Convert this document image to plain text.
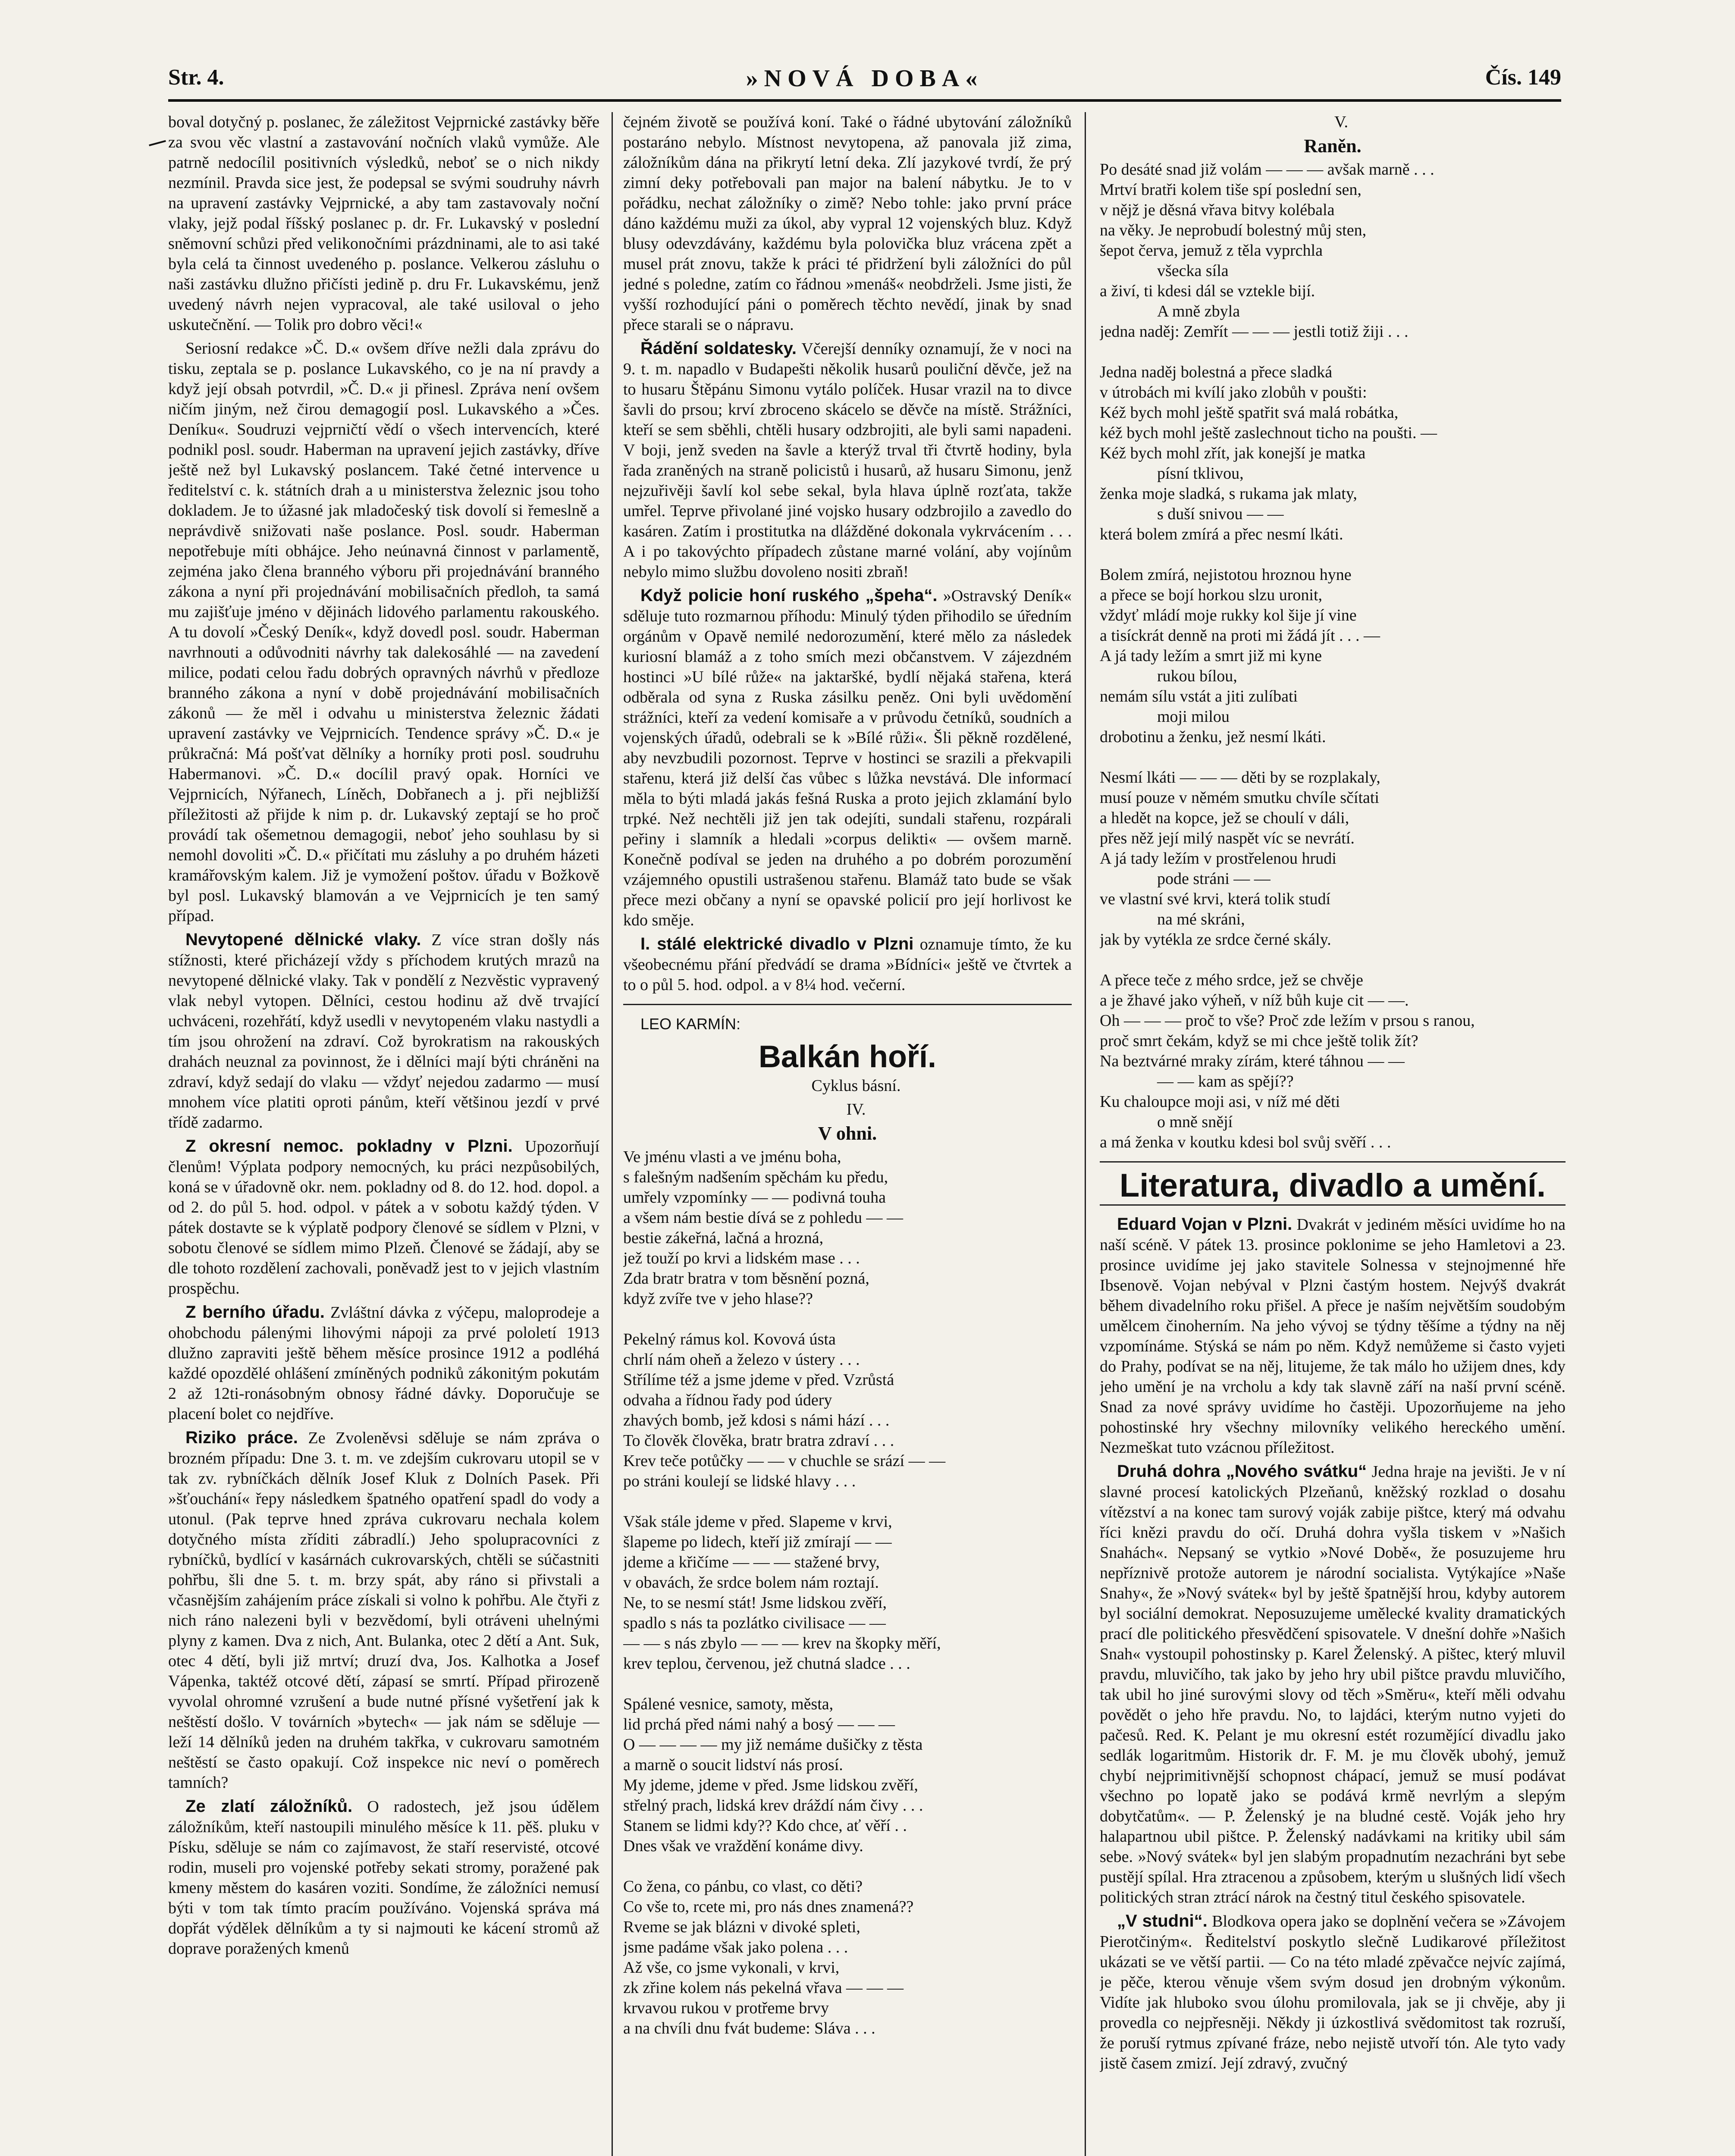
Str. 4.	»NOVÁ DOBA«	Čís. 149

boval dotyčný p. poslanec, že záležitost Vejprnické zastávky běře za svou věc vlastní a zastavování nočních vlaků vymůže. Ale patrně nedocílil positivních výsledků, neboť se o nich nikdy nezmínil. Pravda sice jest, že podepsal se svými soudruhy návrh na upravení zastávky Vejprnické, a aby tam zastavovaly noční vlaky, jejž podal říšský poslanec p. dr. Fr. Lukavský v poslední sněmovní schůzi před velikonočními prázdninami, ale to asi také byla celá ta činnost uvedeného p. poslance. Velkerou zásluhu o naši zastávku dlužno přičísti jedině p. dru Fr. Lukavskému, jenž uvedený návrh nejen vypracoval, ale také usiloval o jeho uskutečnění. — Tolik pro dobro věci!«

Seriosní redakce »Č. D.« ovšem dříve nežli dala zprávu do tisku, zeptala se p. poslance Lukavského, co je na ní pravdy a když její obsah potvrdil, »Č. D.« ji přinesl. Zpráva není ovšem ničím jiným, než čirou demagogií posl. Lukavského a »Čes. Deníku«. Soudruzi vejprničtí vědí o všech intervencích, které podnikl posl. soudr. Haberman na upravení jejich zastávky, dříve ještě než byl Lukavský poslancem. Také četné intervence u ředitelství c. k. státních drah a u ministerstva železnic jsou toho dokladem. Je to úžasné jak mladočeský tisk dovolí si řemeslně a neprávdivě snižovati naše poslance. Posl. soudr. Haberman nepotřebuje míti obhájce. Jeho neúnavná činnost v parlamentě, zejména jako člena branného výboru při projednávání branného zákona a nyní při projednávání mobilisačních předloh, ta samá mu zajišťuje jméno v dějinách lidového parlamentu rakouského. A tu dovolí »Český Deník«, když dovedl posl. soudr. Haberman navrhnouti a odůvodniti návrhy tak dalekosáhlé — na zavedení milice, podati celou řadu dobrých opravných návrhů v předloze branného zákona a nyní v době projednávání mobilisačních zákonů — že měl i odvahu u ministerstva železnic žádati upravení zastávky ve Vejprnicích. Tendence správy »Č. D.« je průkračná: Má pošťvat dělníky a horníky proti posl. soudruhu Habermanovi. »Č. D.« docílil pravý opak. Horníci ve Vejprnicích, Nýřanech, Líněch, Dobřanech a j. při nejbližší příležitosti až přijde k nim p. dr. Lukavský zeptají se ho proč provádí tak ošemetnou demagogii, neboť jeho souhlasu by si nemohl dovoliti »Č. D.« přičítati mu zásluhy a po druhém házeti kramářovským kalem. Již je vymožení poštov. úřadu v Božkově byl posl. Lukavský blamován a ve Vejprnicích je ten samý případ.

Nevytopené dělnické vlaky. Z více stran došly nás stížnosti, které přicházejí vždy s příchodem krutých mrazů na nevytopené dělnické vlaky. Tak v pondělí z Nezvěstic vypravený vlak nebyl vytopen. Dělníci, cestou hodinu až dvě trvající uchváceni, rozehřátí, když usedli v nevytopeném vlaku nastydli a tím jsou ohrožení na zdraví. Což byrokratism na rakouských drahách neuznal za povinnost, že i dělníci mají býti chráněni na zdraví, když sedají do vlaku — vždyť nejedou zadarmo — musí mnohem více platiti oproti pánům, kteří většinou jezdí v prvé třídě zadarmo.

Z okresní nemoc. pokladny v Plzni. Upozorňují členům! Výplata podpory nemocných, ku práci nezpůsobilých, koná se v úřadovně okr. nem. pokladny od 8. do 12. hod. dopol. a od 2. do půl 5. hod. odpol. v pátek a v sobotu každý týden. V pátek dostavte se k výplatě podpory členové se sídlem v Plzni, v sobotu členové se sídlem mimo Plzeň. Členové se žádají, aby se dle tohoto rozdělení zachovali, poněvadž jest to v jejich vlastním prospěchu.

Z berního úřadu. Zvláštní dávka z výčepu, maloprodeje a ohobchodu pálenými lihovými nápoji za prvé pololetí 1913 dlužno zapraviti ještě během měsíce prosince 1912 a podléhá každé opozdělé ohlášení zmíněných podniků zákonitým pokutám 2 až 12ti-ronásobným obnosy řádné dávky. Doporučuje se placení bolet co nejdříve.

Riziko práce. Ze Zvoleněvsi sděluje se nám zpráva o brozném případu: Dne 3. t. m. ve zdejším cukrovaru utopil se v tak zv. rybníčkách dělník Josef Kluk z Dolních Pasek. Při »šťouchání« řepy následkem špatného opatření spadl do vody a utonul. (Pak teprve hned zpráva cukrovaru nechala kolem dotyčného místa zříditi zábradlí.) Jeho spolupracovníci z rybníčků, bydlící v kasárnách cukrovarských, chtěli se súčastniti pohřbu, šli dne 5. t. m. brzy spát, aby ráno si přivstali a včasnějším zahájením práce získali si volno k pohřbu. Ale čtyři z nich ráno nalezeni byli v bezvědomí, byli otráveni uhelnými plyny z kamen. Dva z nich, Ant. Bulanka, otec 2 dětí a Ant. Suk, otec 4 dětí, byli již mrtví; druzí dva, Jos. Kalhotka a Josef Vápenka, taktéž otcové dětí, zápasí se smrtí. Případ přirozeně vyvolal ohromné vzrušení a bude nutné přísné vyšetření jak k neštěstí došlo. V továrních »bytech« — jak nám se sděluje — leží 14 dělníků jeden na druhém takřka, v cukrovaru samotném neštěstí se často opakují. Což inspekce nic neví o poměrech tamních?

Ze zlatí záložníků. O radostech, jež jsou údělem záložníkům, kteří nastoupili minulého měsíce k 11. pěš. pluku v Písku, sděluje se nám co zajímavost, že staří reservisté, otcové rodin, museli pro vojenské potřeby sekati stromy, poražené pak kmeny městem do kasáren voziti. Sondíme, že záložníci nemusí býti v tom tak tímto pracím používáno. Vojenská správa má dopřát výdělek dělníkům a ty si najmouti ke kácení stromů až doprave poražených kmenů

čejném životě se používá koní. Také o řádné ubytování záložníků postaráno nebylo. Místnost nevytopena, až panovala již zima, záložníkům dána na přikrytí letní deka. Zlí jazykové tvrdí, že prý zimní deky potřebovali pan major na balení nábytku. Je to v pořádku, nechat záložníky o zimě? Nebo tohle: jako první práce dáno každému muži za úkol, aby vypral 12 vojenských bluz. Když blusy odevzdávány, každému byla polovička bluz vrácena zpět a musel prát znovu, takže k práci té přidržení byli záložníci do půl jedné s poledne, zatím co řádnou »menáš« neobdrželi. Jsme jisti, že vyšší rozhodující páni o poměrech těchto nevědí, jinak by snad přece starali se o nápravu.

Řádění soldatesky. Včerejší denníky oznamují, že v noci na 9. t. m. napadlo v Budapešti několik husarů pouliční děvče, jež na to husaru Štěpánu Simonu vytálo políček. Husar vrazil na to divce šavli do prsou; krví zbroceno skácelo se děvče na místě. Strážníci, kteří se sem sběhli, chtěli husary odzbrojiti, ale byli sami napadeni. V boji, jenž sveden na šavle a kterýž trval tři čtvrtě hodiny, byla řada zraněných na straně policistů i husarů, až husaru Simonu, jenž nejzuřivěji šavlí kol sebe sekal, byla hlava úplně rozťata, takže umřel. Teprve přivolané jiné vojsko husary odzbrojilo a zavedlo do kasáren. Zatím i prostitutka na dlážděné dokonala vykrvácením . . . A i po takovýchto případech zůstane marné volání, aby vojínům nebylo mimo službu dovoleno nositi zbraň!

Když policie honí ruského „špeha“. »Ostravský Deník« sděluje tuto rozmarnou příhodu: Minulý týden přihodilo se úředním orgánům v Opavě nemilé nedorozumění, které mělo za následek kuriosní blamáž a z toho smích mezi občanstvem. V zájezdném hostinci »U bílé růže« na jaktaršké, bydlí nějaká stařena, která odběrala od syna z Ruska zásilku peněz. Oni byli uvědomění strážníci, kteří za vedení komisaře a v průvodu četníků, soudních a vojenských úřadů, odebrali se k »Bílé růži«. Šli pěkně rozdělené, aby nevzbudili pozornost. Teprve v hostinci se srazili a překvapili stařenu, která již delší čas vůbec s lůžka nevstává. Dle informací měla to býti mladá jakás fešná Ruska a proto jejich zklamání bylo trpké. Než nechtěli již jen tak odejíti, sundali stařenu, rozpárali peřiny i slamník a hledali »corpus delikti« — ovšem marně. Konečně podíval se jeden na druhého a po dobrém porozumění vzájemného opustili ustrašenou stařenu. Blamáž tato bude se však přece mezi občany a nyní se opavské policií pro její horlivost ke kdo směje.

I. stálé elektrické divadlo v Plzni oznamuje tímto, že ku všeobecnému přání předvádí se drama »Bídníci« ještě ve čtvrtek a to o půl 5. hod. odpol. a v 8¼ hod. večerní.

LEO KARMÍN:

Balkán hoří.

Cyklus básní.

IV.

V ohni.

Ve jménu vlasti a ve jménu boha,
s falešným nadšením spěchám ku předu,
umřely vzpomínky — — podivná touha
a všem nám bestie dívá se z pohledu — —
bestie zákeřná, lačná a hrozná,
jež touží po krvi a lidském mase . . .
Zda bratr bratra v tom běsnění pozná,
když zvíře tve v jeho hlase??

Pekelný rámus kol. Kovová ústa
chrlí nám oheň a železo v ústery . . .
Střílíme též a jsme jdeme v před. Vzrůstá
odvaha a řídnou řady pod údery
zhavých bomb, jež kdosi s námi hází . . .
To člověk člověka, bratr bratra zdraví . . .
Krev teče potůčky — — v chuchle se srází — —
po stráni koulejí se lidské hlavy . . .

Však stále jdeme v před. Slapeme v krvi,
šlapeme po lidech, kteří již zmírají — —
jdeme a křičíme — — — stažené brvy,
v obavách, že srdce bolem nám roztají.
Ne, to se nesmí stát! Jsme lidskou zvěří,
spadlo s nás ta pozlátko civilisace — —
— — s nás zbylo — — — krev na škopky měří,
krev teplou, červenou, jež chutná sladce . . .

Spálené vesnice, samoty, města,
lid prchá před námi nahý a bosý — — —
O — — — — my již nemáme dušičky z těsta
a marně o soucit lidství nás prosí.
My jdeme, jdeme v před. Jsme lidskou zvěří,
střelný prach, lidská krev dráždí nám čivy . . .
Stanem se lidmi kdy?? Kdo chce, ať věří . .
Dnes však ve vraždění konáme divy.

Co žena, co pánbu, co vlast, co děti?
Co vše to, rcete mi, pro nás dnes znamená??
Rveme se jak blázni v divoké spleti,
jsme padáme však jako polena . . .
Až vše, co jsme vykonali, v krvi,
zk zřine kolem nás pekelná vřava — — —
krvavou rukou v protřeme brvy
a na chvíli dnu fvát budeme: Sláva . . .

V.

Raněn.

Po desáté snad již volám — — — avšak marně . . .
Mrtví bratři kolem tiše spí poslední sen,
v nějž je děsná vřava bitvy kolébala
na věky. Je neprobudí bolestný můj sten,
šepot červa, jemuž z těla vyprchla
všecka síla
a živí, ti kdesi dál se vztekle bijí.
A mně zbyla
jedna naděj: Zemřít — — — jestli totiž žiji . . .

Jedna naděj bolestná a přece sladká
v útrobách mi kvílí jako zlobůh v poušti:
Kéž bych mohl ještě spatřit svá malá robátka,
kéž bych mohl ještě zaslechnout ticho na poušti. —
Kéž bych mohl zřít, jak konejší je matka
písní tklivou,
ženka moje sladká, s rukama jak mlaty,
s duší snivou — —
která bolem zmírá a přec nesmí lkáti.

Bolem zmírá, nejistotou hroznou hyne
a přece se bojí horkou slzu uronit,
vždyť mládí moje rukky kol šije jí vine
a tisíckrát denně na proti mi žádá jít . . . —
A já tady ležím a smrt již mi kyne
rukou bílou,
nemám sílu vstát a jiti zulíbati
moji milou
drobotinu a ženku, jež nesmí lkáti.

Nesmí lkáti — — — děti by se rozplakaly,
musí pouze v němém smutku chvíle sčítati
a hledět na kopce, jež se choulí v dáli,
přes něž její milý naspět víc se nevrátí.
A já tady ležím v prostřelenou hrudi
pode stráni — —
ve vlastní své krvi, která tolik studí
na mé skráni,
jak by vytékla ze srdce černé skály.

A přece teče z mého srdce, jež se chvěje
a je žhavé jako výheň, v níž bůh kuje cit — —.
Oh — — — proč to vše? Proč zde ležím v prsou s ranou,
proč smrt čekám, když se mi chce ještě tolik žít?
Na beztvárné mraky zírám, které táhnou — —
— — kam as spějí??
Ku chaloupce moji asi, v níž mé děti
o mně snějí
a má ženka v koutku kdesi bol svůj svěří . . .

Literatura, divadlo a umění.

Eduard Vojan v Plzni. Dvakrát v jediném měsíci uvidíme ho na naší scéně. V pátek 13. prosince poklonime se jeho Hamletovi a 23. prosince uvidíme jej jako stavitele Solnessa v stejnojmenné hře Ibsenově. Vojan nebýval v Plzni častým hostem. Nejvýš dvakrát během divadelního roku přišel. A přece je naším největším soudobým umělcem činoherním. Na jeho vývoj se týdny těšíme a týdny na něj vzpomínáme. Stýská se nám po něm. Když nemůžeme si často vyjeti do Prahy, podívat se na něj, litujeme, že tak málo ho užijem dnes, kdy jeho umění je na vrcholu a kdy tak slavně září na naší první scéně. Snad za nové správy uvidíme ho častěji. Upozorňujeme na jeho pohostinské hry všechny milovníky velikého hereckého umění. Nezmeškat tuto vzácnou příležitost.

Druhá dohra „Nového svátku“ Jedna hraje na jevišti. Je v ní slavné procesí katolických Plzeňanů, kněžský rozklad o dosahu vítězství a na konec tam surový voják zabije pištce, který má odvahu říci knězi pravdu do očí. Druhá dohra vyšla tiskem v »Našich Snahách«. Nepsaný se vytkio »Nové Době«, že posuzujeme hru nepříznivě protože autorem je národní socialista. Vytýkajíce »Naše Snahy«, že »Nový svátek« byl by ještě špatnější hrou, kdyby autorem byl sociální demokrat. Neposuzujeme umělecké kvality dramatických prací dle politického přesvědčení spisovatele. V dnešní dohře »Našich Snah« vystoupil pohostinsky p. Karel Želenský. A pištec, který mluvil pravdu, mluvičího, tak jako by jeho hry ubil pištce pravdu mluvičího, tak ubil ho jiné surovými slovy od těch »Směru«, kteří měli odvahu povědět o jeho hře pravdu. No, to lajdáci, kterým nutno vyjeti do pačesů. Red. K. Pelant je mu okresní estét rozumějící divadlu jako sedlák logaritmům. Historik dr. F. M. je mu člověk ubohý, jemuž chybí nejprimitivnější schopnost chápací, jemuž se musí podávat všechno po lopatě jako se podává krmě nevrlým a slepým dobytčatům«. — P. Želenský je na bludné cestě. Voják jeho hry halapartnou ubil pištce. P. Želenský nadávkami na kritiky ubil sám sebe. »Nový svátek« byl jen slabým propadnutím nezachráni byt sebe pustějí spílal. Hra ztracenou a způsobem, kterým u slušných lidí všech politických stran ztrácí nárok na čestný titul českého spisovatele.

„V studni“. Blodkova opera jako se doplnění večera se »Závojem Pierotčiným«. Ředitelství poskytlo slečně Ludikarové příležitost ukázati se ve větší partii. — Co na této mladé zpěvačce nejvíc zajímá, je pěče, kterou věnuje všem svým dosud jen drobným výkonům. Vidíte jak hluboko svou úlohu promilovala, jak se ji chvěje, aby ji provedla co nejpřesněji. Někdy ji úzkostlivá svědomitost tak rozruší, že poruší rytmus zpívané fráze, nebo nejistě utvoří tón. Ale tyto vady jistě časem zmizí. Její zdravý, zvučný
